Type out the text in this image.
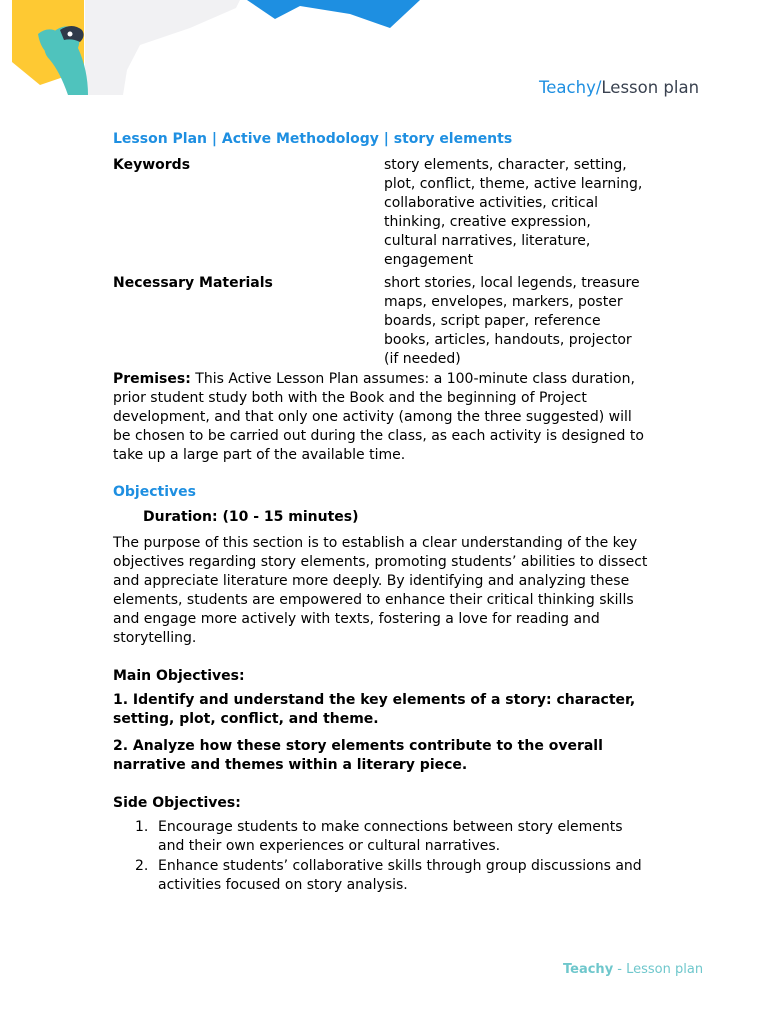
Teachy/Lesson plan
Lesson Plan | Active Methodology | story elements
Keywords	story elements, character, setting, plot, conflict, theme, active learning, collaborative activities, critical thinking, creative expression, cultural narratives, literature, engagement
Necessary Materials	short stories, local legends, treasure maps, envelopes, markers, poster boards, script paper, reference books, articles, handouts, projector (if needed)

Premises: This Active Lesson Plan assumes: a 100-minute class duration, prior student study both with the Book and the beginning of Project development, and that only one activity (among the three suggested) will be chosen to be carried out during the class, as each activity is designed to take up a large part of the available time.

Objectives
Duration: (10 - 15 minutes)

The purpose of this section is to establish a clear understanding of the key objectives regarding story elements, promoting students’ abilities to dissect and appreciate literature more deeply. By identifying and analyzing these elements, students are empowered to enhance their critical thinking skills and engage more actively with texts, fostering a love for reading and storytelling.

Main Objectives:
1. Identify and understand the key elements of a story: character, setting, plot, conflict, and theme.
2. Analyze how these story elements contribute to the overall narrative and themes within a literary piece.
Side Objectives:
1. Encourage students to make connections between story elements and their own experiences or cultural narratives.
2. Enhance students’ collaborative skills through group discussions and activities focused on story analysis.
Teachy - Lesson plan
